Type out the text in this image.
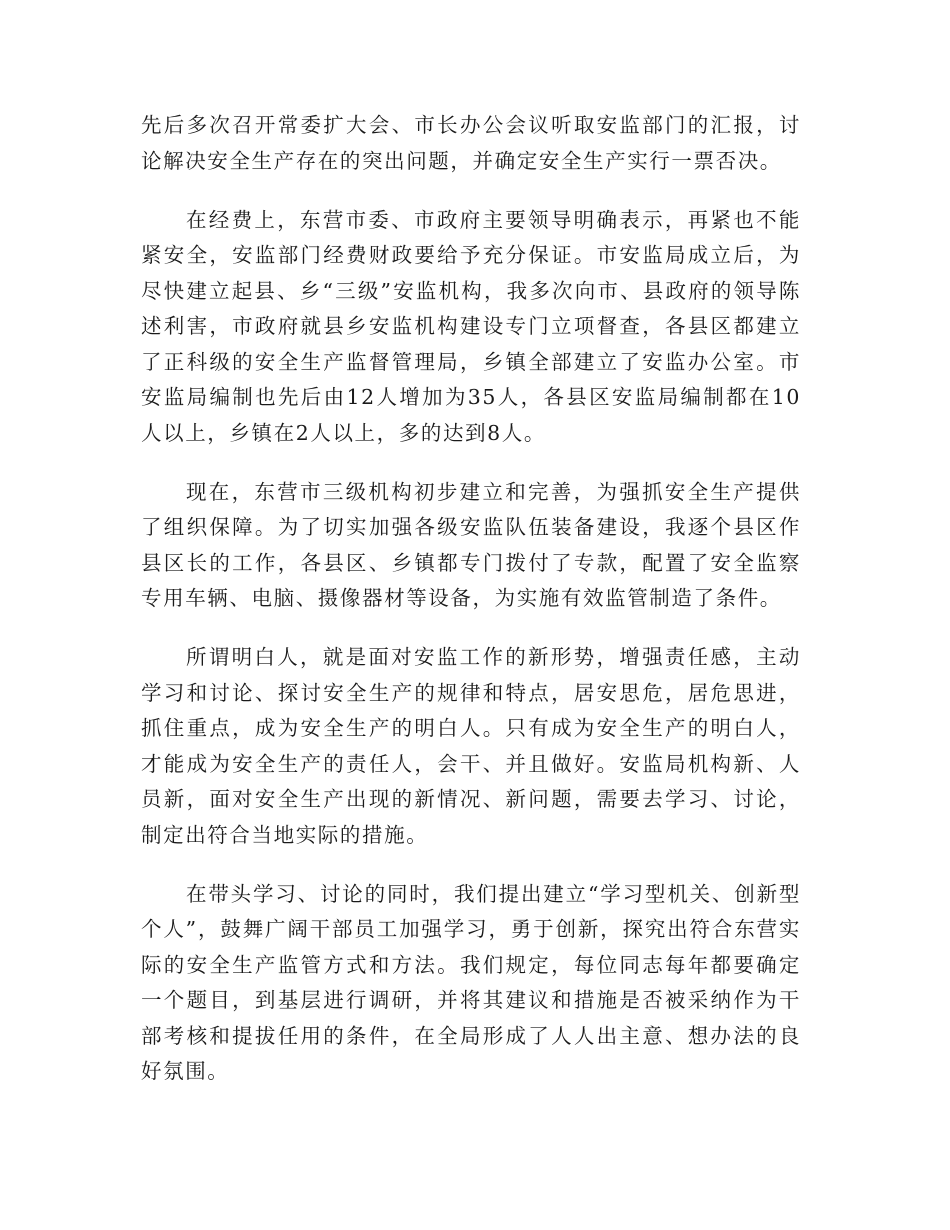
先后多次召开常委扩大会、市长办公会议听取安监部门的汇报，讨论解决安全生产存在的突出问题，并确定安全生产实行一票否决。

在经费上，东营市委、市政府主要领导明确表示，再紧也不能紧安全，安监部门经费财政要给予充分保证。市安监局成立后，为尽快建立起县、乡“三级”安监机构，我多次向市、县政府的领导陈述利害，市政府就县乡安监机构建设专门立项督查，各县区都建立了正科级的安全生产监督管理局，乡镇全部建立了安监办公室。市安监局编制也先后由12人增加为35人，各县区安监局编制都在10人以上，乡镇在2人以上，多的达到8人。

现在，东营市三级机构初步建立和完善，为强抓安全生产提供了组织保障。为了切实加强各级安监队伍装备建设，我逐个县区作县区长的工作，各县区、乡镇都专门拨付了专款，配置了安全监察专用车辆、电脑、摄像器材等设备，为实施有效监管制造了条件。

所谓明白人，就是面对安监工作的新形势，增强责任感，主动学习和讨论、探讨安全生产的规律和特点，居安思危，居危思进，抓住重点，成为安全生产的明白人。只有成为安全生产的明白人，才能成为安全生产的责任人，会干、并且做好。安监局机构新、人员新，面对安全生产出现的新情况、新问题，需要去学习、讨论，制定出符合当地实际的措施。

在带头学习、讨论的同时，我们提出建立“学习型机关、创新型个人”，鼓舞广阔干部员工加强学习，勇于创新，探究出符合东营实际的安全生产监管方式和方法。我们规定，每位同志每年都要确定一个题目，到基层进行调研，并将其建议和措施是否被采纳作为干部考核和提拔任用的条件，在全局形成了人人出主意、想办法的良好氛围。
